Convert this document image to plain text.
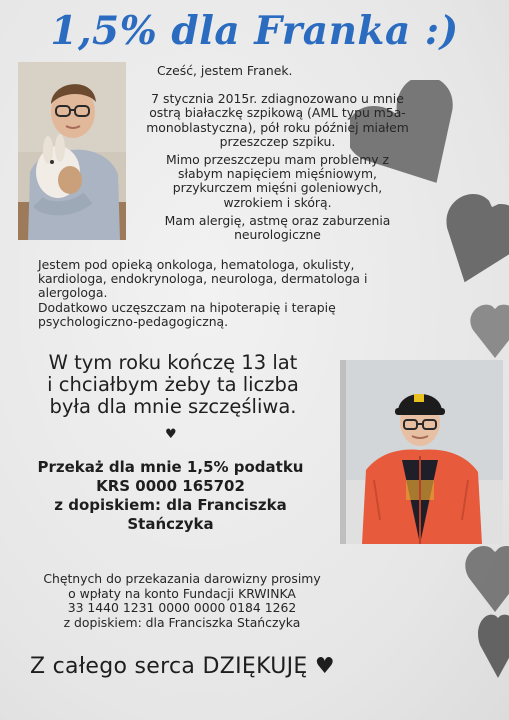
1,5% dla Franka :)

Cześć, jestem Franek.

7 stycznia 2015r. zdiagnozowano u mnie ostrą białaczkę szpikową (AML typu m5a- monoblastyczna), pół roku później miałem przeszczep szpiku.

Mimo przeszczepu mam problemy z słabym napięciem mięśniowym, przykurczem mięśni goleniowych, wzrokiem i skórą.

Mam alergię, astmę oraz zaburzenia neurologiczne

Jestem pod opieką onkologa, hematologa, okulisty, kardiologa, endokrynologa, neurologa, dermatologa i alergologa.

Dodatkowo uczęszczam na hipoterapię i terapię psychologiczno-pedagogiczną.

W tym roku kończę 13 lat

i chciałbym żeby ta liczba

była dla mnie szczęśliwa.

♥

Przekaż dla mnie 1,5% podatku

KRS 0000 165702

z dopiskiem: dla Franciszka

Stańczyka

Chętnych do przekazania darowizny prosimy

o wpłaty na konto Fundacji KRWINKA

33 1440 1231 0000 0000 0184 1262

z dopiskiem: dla Franciszka Stańczyka

Z całego serca DZIĘKUJĘ ♥
